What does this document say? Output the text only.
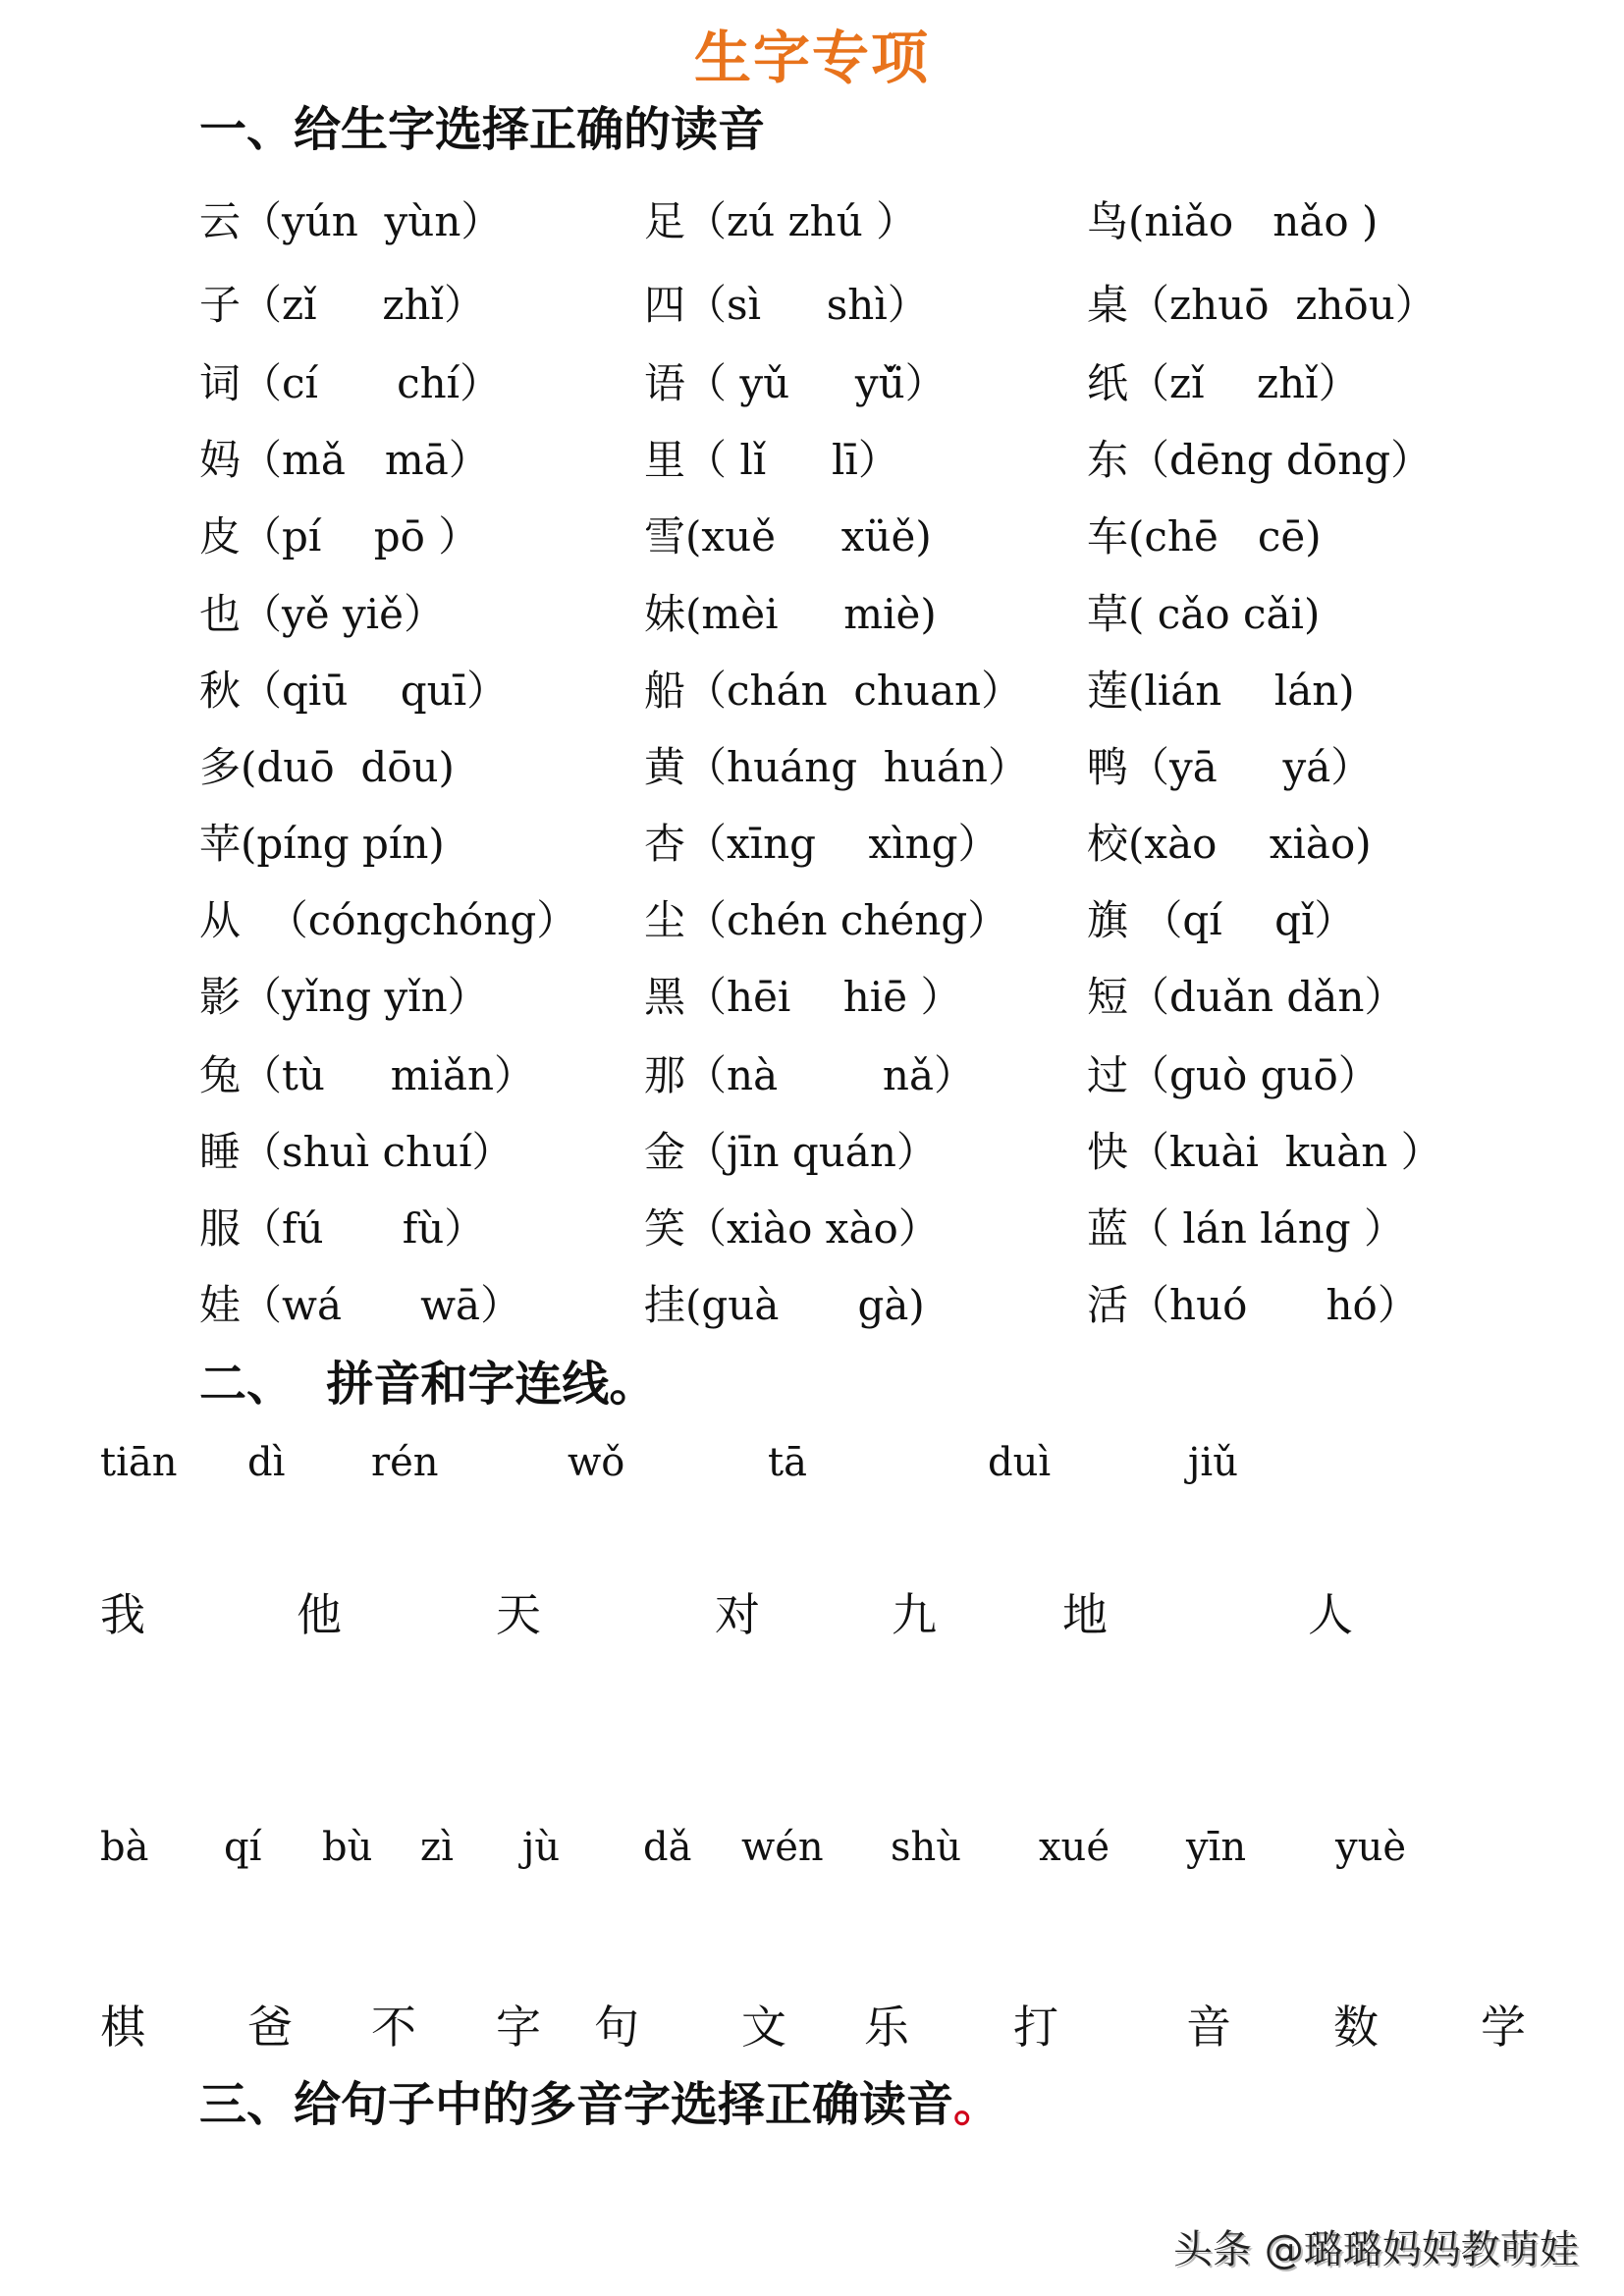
生字专项
一、给生字选择正确的读音
云（yún  yùn）	足（zú zhú ）	鸟(niǎo   nǎo )
子（zǐ     zhǐ）	四（sì     shì）	桌（zhuō  zhōu）
词（cí      chí）	语（ yǔ     yǔ̈）	纸（zǐ    zhǐ）
妈（mǎ   mā）	里（ lǐ     lī）	东（dēng dōng）
皮（pí    pō ）	雪(xuě     xüě)	车(chē   cē)
也（yě yiě）	妹(mèi     miè)	草( cǎo cǎi)
秋（qiū    quī）	船（chán  chuan） 莲(lián    lán)
多(duō  dōu)	黄（huáng  huán） 鸭（yā     yá）
苹(píng pín)	杏（xīng    xìng） 校(xào    xiào)
从  （cóngchóng） 尘（chén chéng） 旗 （qí    qǐ）
影（yǐng yǐn）	黑（hēi    hiē ）	短（duǎn dǎn）
兔（tù     miǎn）	那（nà        nǎ）	过（guò guō）
睡（shuì chuí）	金（jīn quán）	快（kuài  kuàn ）
服（fú      fù）	笑（xiào xào）	蓝（ lán láng ）
娃（wá      wā）	挂(guà      gà)	活（huó      hó）
二、  拼音和字连线。
tiān dì rén	wǒ	tā	duì	jiǔ
我	他	天	对	九	地	人
bà qí bù zì jù dǎ wén shù xué yīn yuè
棋 爸 不 字 句 文 乐 打	音 数 学
三、给句子中的多音字选择正确读音。
头条 @璐璐妈妈教萌娃
